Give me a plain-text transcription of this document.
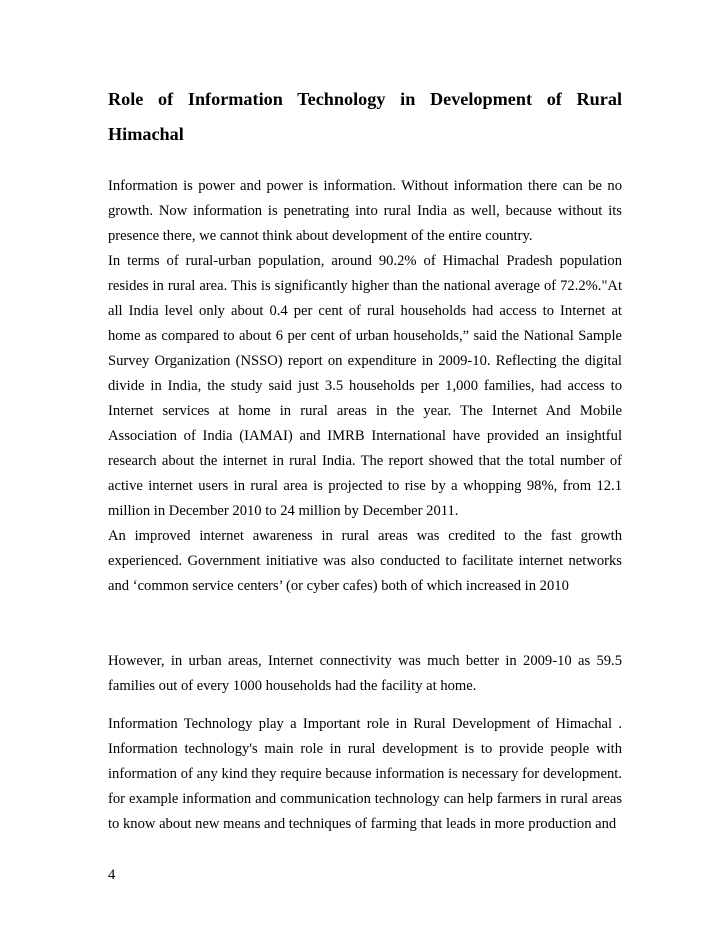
Role of Information Technology in Development of Rural Himachal

Information is power and power is information. Without information there can be no growth. Now information is penetrating into rural India as well, because without its presence there, we cannot think about development of the entire country.

In terms of rural-urban population, around 90.2% of Himachal Pradesh population resides in rural area. This is significantly higher than the national average of 72.2%."At all India level only about 0.4 per cent of rural households had access to Internet at home as compared to about 6 per cent of urban households,” said the National Sample Survey Organization (NSSO) report on expenditure in 2009-10. Reflecting the digital divide in India, the study said just 3.5 households per 1,000 families, had access to Internet services at home in rural areas in the year. The Internet And Mobile Association of India (IAMAI) and IMRB International have provided an insightful research about the internet in rural India. The report showed that the total number of active internet users in rural area is projected to rise by a whopping 98%, from 12.1 million in December 2010 to 24 million by December 2011.

An improved internet awareness in rural areas was credited to the fast growth experienced. Government initiative was also conducted to facilitate internet networks and ‘common service centers’ (or cyber cafes) both of which increased in 2010

However, in urban areas, Internet connectivity was much better in 2009-10 as 59.5 families out of every 1000 households had the facility at home.

Information Technology play a Important role in Rural Development of Himachal . Information technology's main role in rural development is to provide people with information of any kind they require because information is necessary for development. for example information and communication technology can help farmers in rural areas to know about new means and techniques of farming that leads in more production and

4
